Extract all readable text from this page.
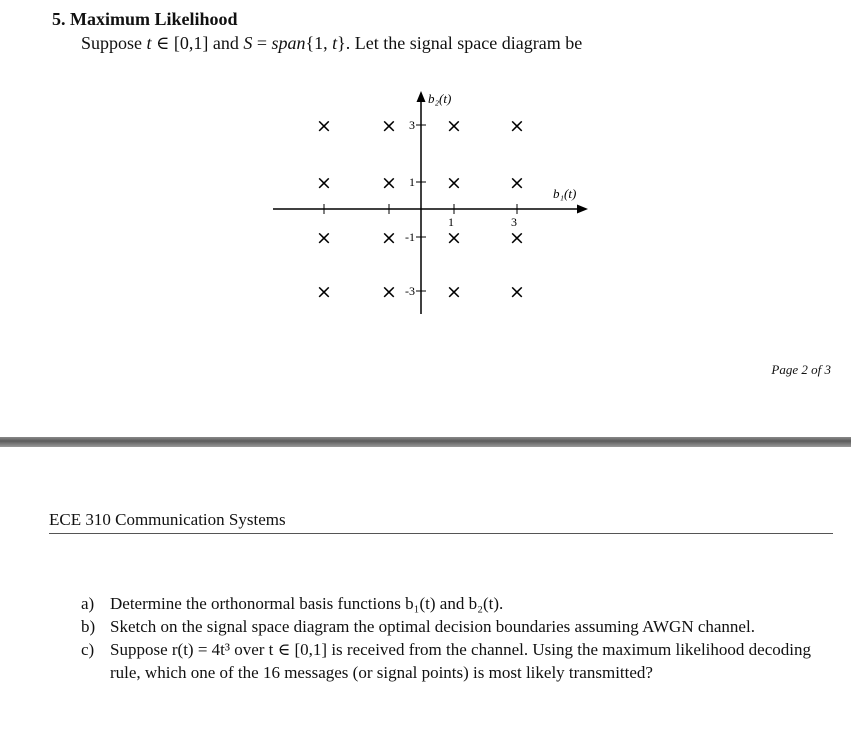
5. Maximum Likelihood
Suppose t ∈ [0,1] and S = span{1, t}. Let the signal space diagram be
b₂(t)
b₁(t)
3
1
-1
-3
1	3
×	×	× ×
×	×	× ×
×	×	× ×
×	×	× ×
Page 2 of 3
ECE 310 Communication Systems
a) Determine the orthonormal basis functions b₁(t) and b₂(t).
b) Sketch on the signal space diagram the optimal decision boundaries assuming AWGN channel.
c) Suppose r(t) = 4t³ over t ∈ [0,1] is received from the channel. Using the maximum likelihood decoding rule, which one of the 16 messages (or signal points) is most likely transmitted?
